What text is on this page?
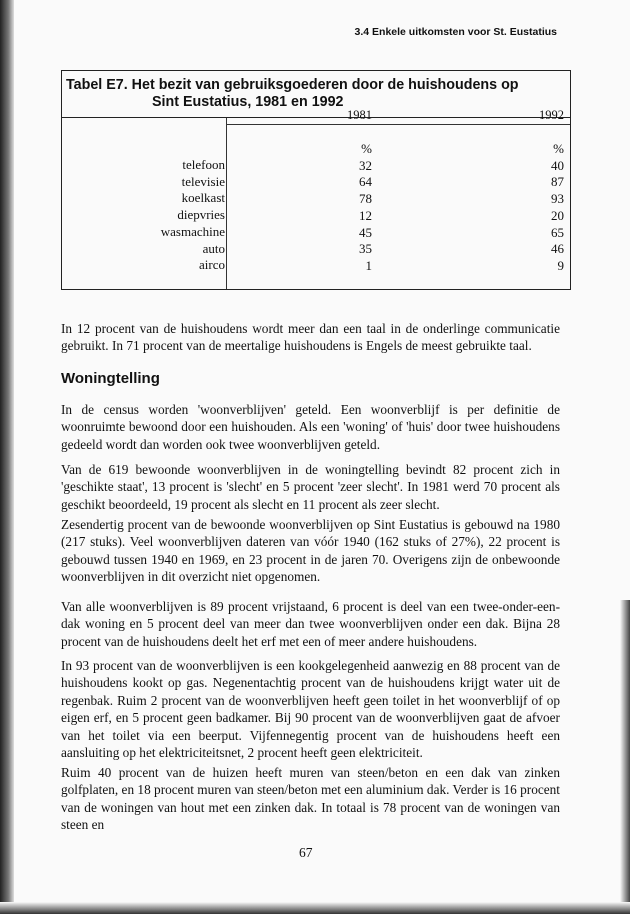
3.4 Enkele uitkomsten voor St. Eustatius
Tabel E7. Het bezit van gebruiksgoederen door de huishoudens op
Sint Eustatius, 1981 en 1992
1981	1992
telefoon
televisie
koelkast
diepvries
wasmachine
auto
airco
%
32
64
78
12
45
35
1
%
40
87
93
20
65
46
9

In 12 procent van de huishoudens wordt meer dan een taal in de onderlinge communicatie gebruikt. In 71 procent van de meertalige huishoudens is Engels de meest gebruikte taal.

Woningtelling

In de census worden 'woonverblijven' geteld. Een woonverblijf is per definitie de woonruimte bewoond door een huishouden. Als een 'woning' of 'huis' door twee huishoudens gedeeld wordt dan worden ook twee woonverblijven geteld.

Van de 619 bewoonde woonverblijven in de woningtelling bevindt 82 procent zich in 'geschikte staat', 13 procent is 'slecht' en 5 procent 'zeer slecht'. In 1981 werd 70 procent als geschikt beoordeeld, 19 procent als slecht en 11 procent als zeer slecht.

Zesendertig procent van de bewoonde woonverblijven op Sint Eustatius is gebouwd na 1980 (217 stuks). Veel woonverblijven dateren van vóór 1940 (162 stuks of 27%), 22 procent is gebouwd tussen 1940 en 1969, en 23 procent in de jaren 70. Overigens zijn de onbewoonde woonverblijven in dit overzicht niet opgenomen.

Van alle woonverblijven is 89 procent vrijstaand, 6 procent is deel van een twee-onder-een-dak woning en 5 procent deel van meer dan twee woonverblijven onder een dak. Bijna 28 procent van de huishoudens deelt het erf met een of meer andere huishoudens.

In 93 procent van de woonverblijven is een kookgelegenheid aanwezig en 88 procent van de huishoudens kookt op gas. Negenentachtig procent van de huishoudens krijgt water uit de regenbak. Ruim 2 procent van de woonverblijven heeft geen toilet in het woonverblijf of op eigen erf, en 5 procent geen badkamer. Bij 90 procent van de woonverblijven gaat de afvoer van het toilet via een beerput. Vijfennegentig procent van de huishoudens heeft een aansluiting op het elektriciteitsnet, 2 procent heeft geen elektriciteit.

Ruim 40 procent van de huizen heeft muren van steen/beton en een dak van zinken golfplaten, en 18 procent muren van steen/beton met een aluminium dak. Verder is 16 procent van de woningen van hout met een zinken dak. In totaal is 78 procent van de woningen van steen en

67
